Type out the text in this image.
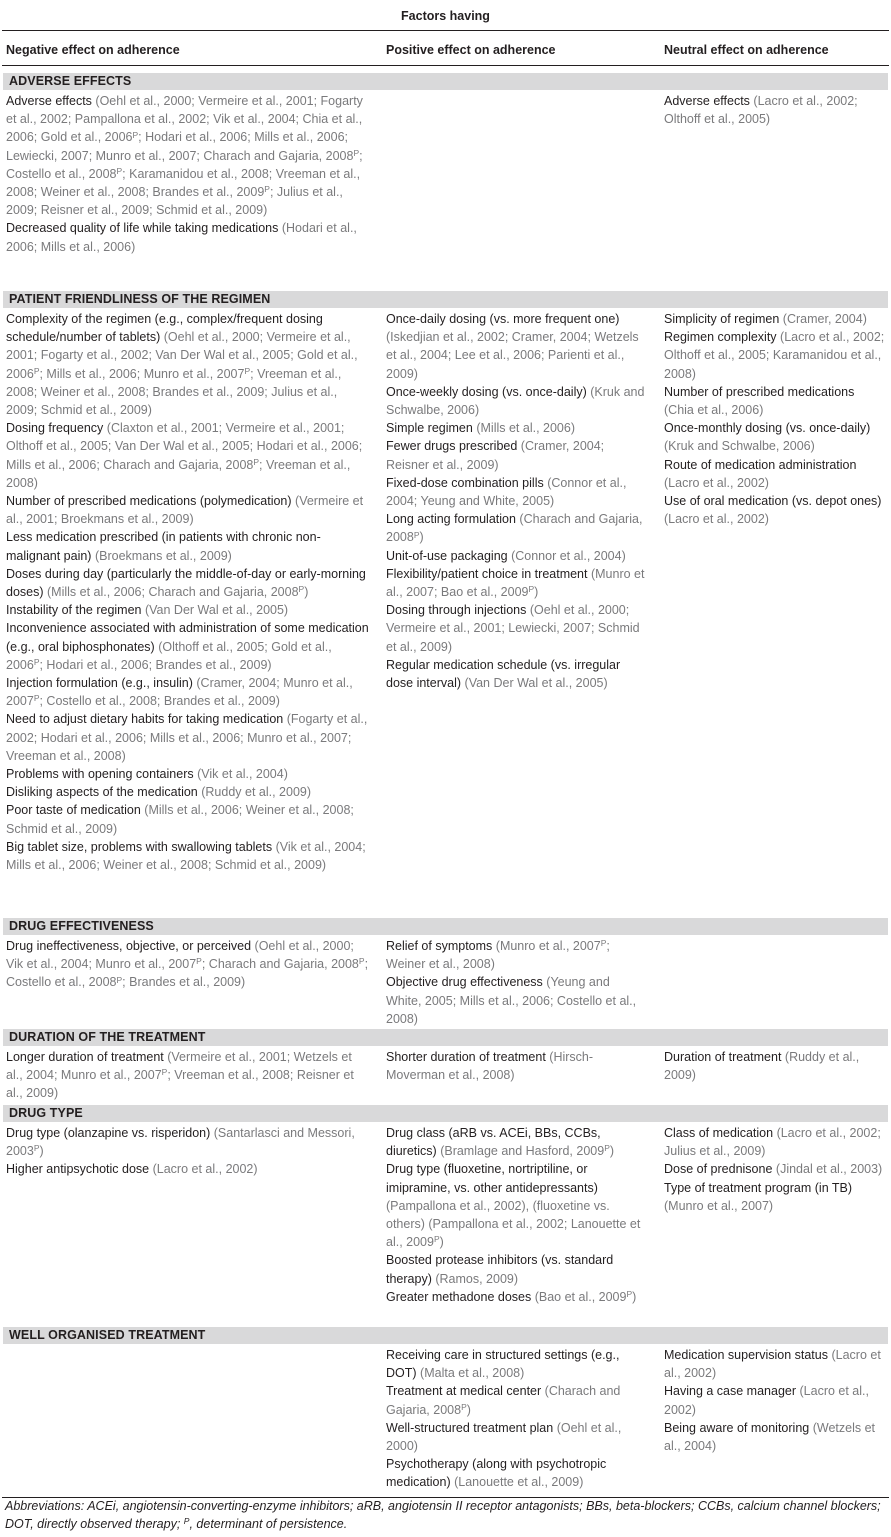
Factors having
Negative effect on adherence	Positive effect on adherence	Neutral effect on adherence
ADVERSE EFFECTS
Adverse effects (Oehl et al., 2000; Vermeire et al., 2001; Fogarty et al., 2002; Pampallona et al., 2002; Vik et al., 2004; Chia et al., 2006; Gold et al., $2006^P$; Hodari et al., 2006; Mills et al., 2006; Lewiecki, 2007; Munro et al., 2007; Charach and Gajaria, $2008^P$; Costello et al., $2008^P$; Karamanidou et al., 2008; Vreeman et al., 2008; Weiner et al., 2008; Brandes et al., $2009^P$; Julius et al., 2009; Reisner et al., 2009; Schmid et al., 2009)
Decreased quality of life while taking medications (Hodari et al., 2006; Mills et al., 2006)
Adverse effects (Lacro et al., 2002; Olthoff et al., 2005)
PATIENT FRIENDLINESS OF THE REGIMEN
Complexity of the regimen (e.g., complex/frequent dosing schedule/number of tablets) (Oehl et al., 2000; Vermeire et al., 2001; Fogarty et al., 2002; Van Der Wal et al., 2005; Gold et al., $2006^P$; Mills et al., 2006; Munro et al., $2007^P$; Vreeman et al., 2008; Weiner et al., 2008; Brandes et al., 2009; Julius et al., 2009; Schmid et al., 2009)
Dosing frequency (Claxton et al., 2001; Vermeire et al., 2001; Olthoff et al., 2005; Van Der Wal et al., 2005; Hodari et al., 2006; Mills et al., 2006; Charach and Gajaria, $2008^P$; Vreeman et al., 2008)
Number of prescribed medications (polymedication) (Vermeire et al., 2001; Broekmans et al., 2009)
Less medication prescribed (in patients with chronic non-malignant pain) (Broekmans et al., 2009)
Doses during day (particularly the middle-of-day or early-morning doses) (Mills et al., 2006; Charach and Gajaria, $2008^P$)
Instability of the regimen (Van Der Wal et al., 2005)
Inconvenience associated with administration of some medication (e.g., oral biphosphonates) (Olthoff et al., 2005; Gold et al., $2006^P$; Hodari et al., 2006; Brandes et al., 2009)
Injection formulation (e.g., insulin) (Cramer, 2004; Munro et al., $2007^P$; Costello et al., 2008; Brandes et al., 2009)
Need to adjust dietary habits for taking medication (Fogarty et al., 2002; Hodari et al., 2006; Mills et al., 2006; Munro et al., 2007; Vreeman et al., 2008)
Problems with opening containers (Vik et al., 2004)
Disliking aspects of the medication (Ruddy et al., 2009)
Poor taste of medication (Mills et al., 2006; Weiner et al., 2008; Schmid et al., 2009)
Big tablet size, problems with swallowing tablets (Vik et al., 2004; Mills et al., 2006; Weiner et al., 2008; Schmid et al., 2009)
Once-daily dosing (vs. more frequent one) (Iskedjian et al., 2002; Cramer, 2004; Wetzels et al., 2004; Lee et al., 2006; Parienti et al., 2009)
Once-weekly dosing (vs. once-daily) (Kruk and Schwalbe, 2006)
Simple regimen (Mills et al., 2006)
Fewer drugs prescribed (Cramer, 2004; Reisner et al., 2009)
Fixed-dose combination pills (Connor et al., 2004; Yeung and White, 2005)
Long acting formulation (Charach and Gajaria, $2008^P$)
Unit-of-use packaging (Connor et al., 2004)
Flexibility/patient choice in treatment (Munro et al., 2007; Bao et al., $2009^P$)
Dosing through injections (Oehl et al., 2000; Vermeire et al., 2001; Lewiecki, 2007; Schmid et al., 2009)
Regular medication schedule (vs. irregular dose interval) (Van Der Wal et al., 2005)
Simplicity of regimen (Cramer, 2004)
Regimen complexity (Lacro et al., 2002; Olthoff et al., 2005; Karamanidou et al., 2008)
Number of prescribed medications (Chia et al., 2006)
Once-monthly dosing (vs. once-daily) (Kruk and Schwalbe, 2006)
Route of medication administration (Lacro et al., 2002)
Use of oral medication (vs. depot ones) (Lacro et al., 2002)
DRUG EFFECTIVENESS
Drug ineffectiveness, objective, or perceived (Oehl et al., 2000; Vik et al., 2004; Munro et al., $2007^P$; Charach and Gajaria, $2008^P$; Costello et al., $2008^P$; Brandes et al., 2009)
Relief of symptoms (Munro et al., $2007^P$; Weiner et al., 2008)
Objective drug effectiveness (Yeung and White, 2005; Mills et al., 2006; Costello et al., 2008)
DURATION OF THE TREATMENT
Longer duration of treatment (Vermeire et al., 2001; Wetzels et al., 2004; Munro et al., $2007^P$; Vreeman et al., 2008; Reisner et al., 2009)
Shorter duration of treatment (Hirsch-Moverman et al., 2008)
Duration of treatment (Ruddy et al., 2009)
DRUG TYPE
Drug type (olanzapine vs. risperidon) (Santarlasci and Messori, $2003^P$)
Higher antipsychotic dose (Lacro et al., 2002)
Drug class (aRB vs. ACEi, BBs, CCBs, diuretics) (Bramlage and Hasford, $2009^P$)
Drug type (fluoxetine, nortriptiline, or imipramine, vs. other antidepressants) (Pampallona et al., 2002), (fluoxetine vs. others) (Pampallona et al., 2002; Lanouette et al., $2009^P$)
Boosted protease inhibitors (vs. standard therapy) (Ramos, 2009)
Greater methadone doses (Bao et al., $2009^P$)
Class of medication (Lacro et al., 2002; Julius et al., 2009)
Dose of prednisone (Jindal et al., 2003)
Type of treatment program (in TB) (Munro et al., 2007)
WELL ORGANISED TREATMENT
Receiving care in structured settings (e.g., DOT) (Malta et al., 2008)
Treatment at medical center (Charach and Gajaria, $2008^P$)
Well-structured treatment plan (Oehl et al., 2000)
Psychotherapy (along with psychotropic medication) (Lanouette et al., 2009)
Medication supervision status (Lacro et al., 2002)
Having a case manager (Lacro et al., 2002)
Being aware of monitoring (Wetzels et al., 2004)
Abbreviations: ACEi, angiotensin-converting-enzyme inhibitors; aRB, angiotensin II receptor antagonists; BBs, beta-blockers; CCBs, calcium channel blockers; DOT, directly observed therapy; $^P$, determinant of persistence.
